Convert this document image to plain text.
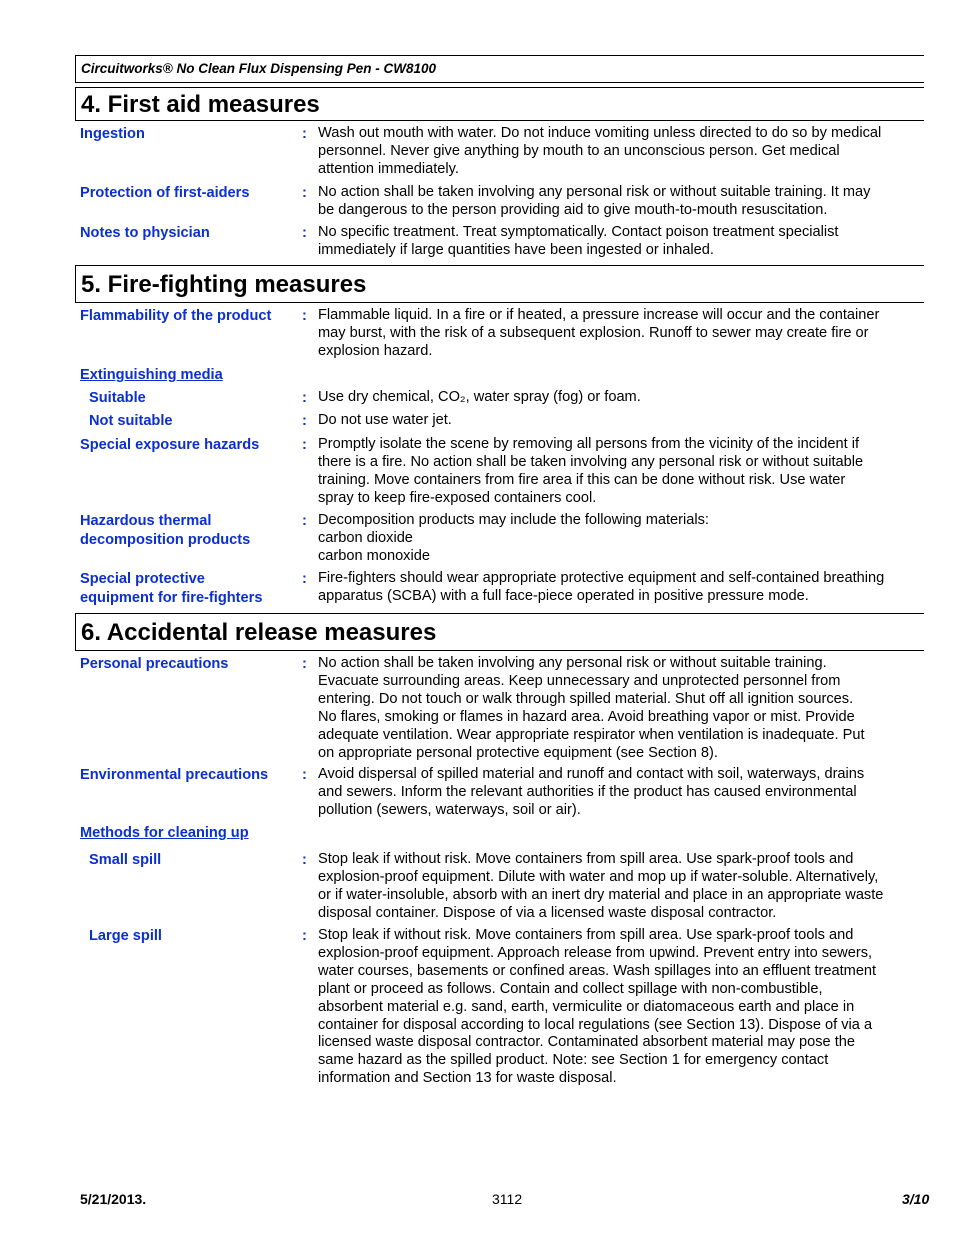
Circuitworks® No Clean Flux Dispensing Pen - CW8100
4. First aid measures
Ingestion	: Wash out mouth with water. Do not induce vomiting unless directed to do so by medical
personnel. Never give anything by mouth to an unconscious person. Get medical
attention immediately.
Protection of first-aiders	: No action shall be taken involving any personal risk or without suitable training. It may
be dangerous to the person providing aid to give mouth-to-mouth resuscitation.
Notes to physician	: No specific treatment. Treat symptomatically. Contact poison treatment specialist
immediately if large quantities have been ingested or inhaled.
5. Fire-fighting measures
Flammability of the product : Flammable liquid. In a fire or if heated, a pressure increase will occur and the container
may burst, with the risk of a subsequent explosion. Runoff to sewer may create fire or
explosion hazard.
Extinguishing media
Suitable	: Use dry chemical, CO₂, water spray (fog) or foam.
Not suitable	: Do not use water jet.
Special exposure hazards	: Promptly isolate the scene by removing all persons from the vicinity of the incident if
there is a fire. No action shall be taken involving any personal risk or without suitable
training. Move containers from fire area if this can be done without risk. Use water
spray to keep fire-exposed containers cool.
Hazardous thermal
decomposition products
: Decomposition products may include the following materials:
carbon dioxide
carbon monoxide
Special protective
equipment for fire-fighters
: Fire-fighters should wear appropriate protective equipment and self-contained breathing
apparatus (SCBA) with a full face-piece operated in positive pressure mode.
6. Accidental release measures
Personal precautions	: No action shall be taken involving any personal risk or without suitable training.
Evacuate surrounding areas. Keep unnecessary and unprotected personnel from
entering. Do not touch or walk through spilled material. Shut off all ignition sources.
No flares, smoking or flames in hazard area. Avoid breathing vapor or mist. Provide
adequate ventilation. Wear appropriate respirator when ventilation is inadequate. Put
on appropriate personal protective equipment (see Section 8).
Environmental precautions : Avoid dispersal of spilled material and runoff and contact with soil, waterways, drains
and sewers. Inform the relevant authorities if the product has caused environmental
pollution (sewers, waterways, soil or air).
Methods for cleaning up
Small spill	: Stop leak if without risk. Move containers from spill area. Use spark-proof tools and
explosion-proof equipment. Dilute with water and mop up if water-soluble. Alternatively,
or if water-insoluble, absorb with an inert dry material and place in an appropriate waste
disposal container. Dispose of via a licensed waste disposal contractor.
Large spill	: Stop leak if without risk. Move containers from spill area. Use spark-proof tools and
explosion-proof equipment. Approach release from upwind. Prevent entry into sewers,
water courses, basements or confined areas. Wash spillages into an effluent treatment
plant or proceed as follows. Contain and collect spillage with non-combustible,
absorbent material e.g. sand, earth, vermiculite or diatomaceous earth and place in
container for disposal according to local regulations (see Section 13). Dispose of via a
licensed waste disposal contractor. Contaminated absorbent material may pose the
same hazard as the spilled product. Note: see Section 1 for emergency contact
information and Section 13 for waste disposal.
5/21/2013.	3112	3/10
